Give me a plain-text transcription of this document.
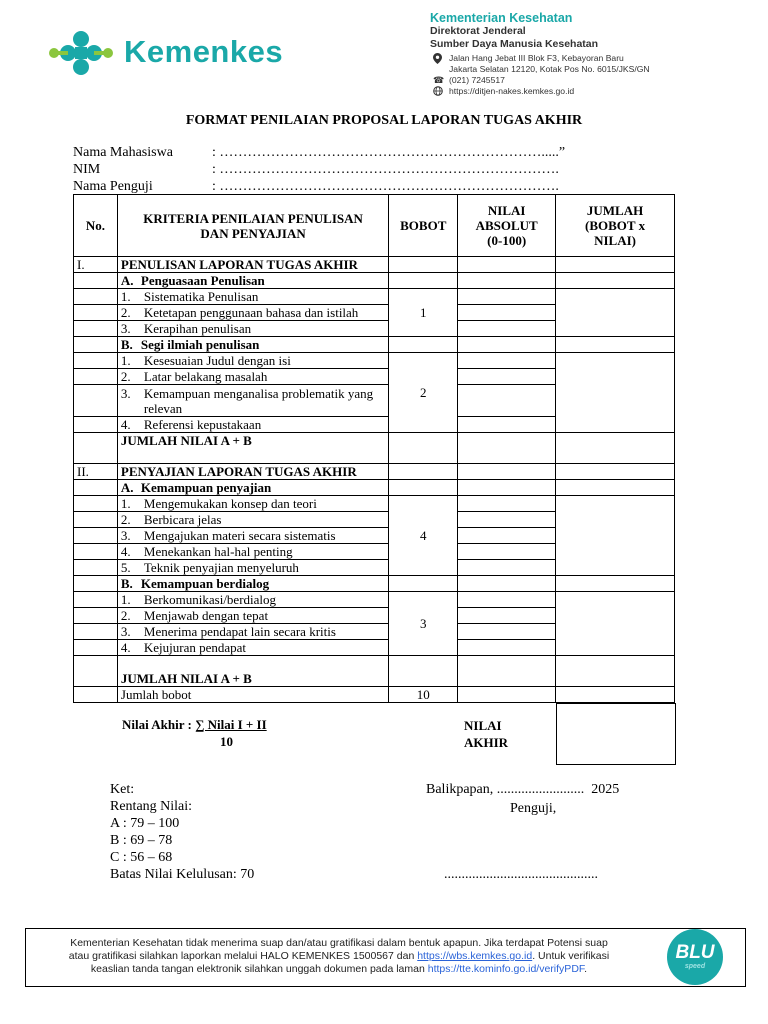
Kemenkes
Kementerian Kesehatan
Direktorat Jenderal
Sumber Daya Manusia Kesehatan
Jalan Hang Jebat III Blok F3, Kebayoran Baru
Jakarta Selatan 12120, Kotak Pos No. 6015/JKS/GN
☎ (021) 7245517
https://ditjen-nakes.kemkes.go.id
FORMAT PENILAIAN PROPOSAL LAPORAN TUGAS AKHIR
Nama Mahasiswa	: …………………………………………………………….....”
NIM	: ……………………………………………………………….
Nama Penguji	: ……………………………………………………………….
No.	KRITERIA PENILAIAN PENULISAN DAN PENYAJIAN	BOBOT	NILAI ABSOLUT (0-100)	JUMLAH (BOBOT x NILAI)
I.	PENULISAN LAPORAN TUGAS AKHIR			
	A. Penguasaan Penulisan			
	1. Sistematika Penulisan	1		
	2. Ketetapan penggunaan bahasa dan istilah			
	3. Kerapihan penulisan			
	B. Segi ilmiah penulisan			
	1. Kesesuaian Judul dengan isi	2		
	2. Latar belakang masalah			

	3. Kemampuan menganalisa problematik yang relevan			

	4. Referensi kepustakaan			
	JUMLAH NILAI A + B			
II.	PENYAJIAN LAPORAN TUGAS AKHIR			
	A. Kemampuan penyajian			
	1. Mengemukakan konsep dan teori	4		
	2. Berbicara jelas			
	3. Mengajukan materi secara sistematis			
	4. Menekankan hal-hal penting			
	5. Teknik penyajian menyeluruh			
	B. Kemampuan berdialog			
	1. Berkomunikasi/berdialog	3		
	2. Menjawab dengan tepat			
	3. Menerima pendapat lain secara kritis			
	4. Kejujuran pendapat			
	JUMLAH NILAI A + B			
	Jumlah bobot	10		
Nilai Akhir : ∑ Nilai I + II
10
NILAI
AKHIR
Ket:
Rentang Nilai:
A : 79 – 100
B : 69 – 78
C : 56 – 68
Batas Nilai Kelulusan: 70
Balikpapan, .........................  2025
Penguji,
............................................
Kementerian Kesehatan tidak menerima suap dan/atau gratifikasi dalam bentuk apapun. Jika terdapat Potensi suap
atau gratifikasi silahkan laporkan melalui HALO KEMENKES 1500567 dan https://wbs.kemkes.go.id. Untuk verifikasi
keaslian tanda tangan elektronik silahkan unggah dokumen pada laman https://tte.kominfo.go.id/verifyPDF.
BLU
speed
